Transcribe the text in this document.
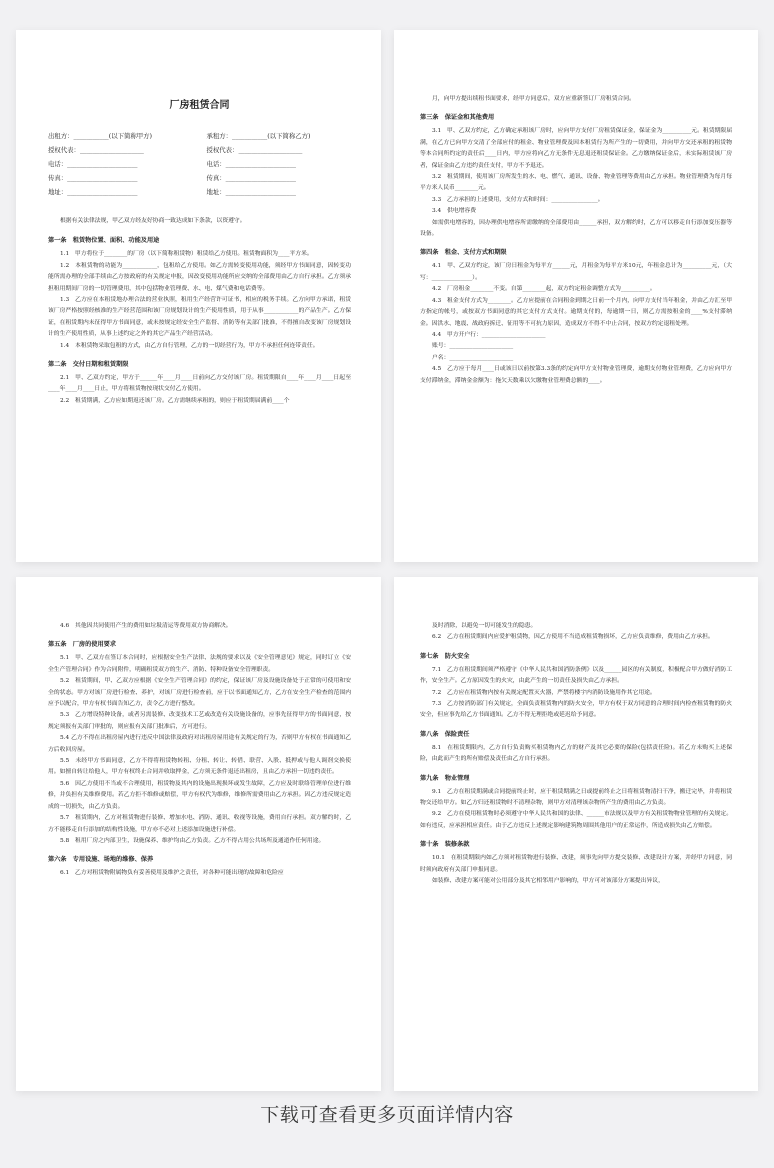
厂房租赁合同
出租方：___________(以下简称甲方)	承租方：___________(以下简称乙方)
授权代表：____________________	授权代表：____________________
电话：______________________	电话：______________________
传真：______________________	传真：______________________
地址：______________________	地址：______________________
根据有关法律法规，甲乙双方经友好协商一致达成如下条款，以资遵守。
第一条　租赁物位置、面积、功能及用途
1.1　甲方将位于________的厂房（以下简称租赁物）租赁给乙方使用。租赁物面积为____平方米。
1.2　本租赁物的功能为____________，包租给乙方使用。如乙方需转变使用功能，须经甲方书面同意，因转变功能所需办理的全部手续由乙方按政府的有关规定申报，因改变使用功能所应交纳的全部费用由乙方自行承担。乙方须承担租用期间厂房的一切管理费用，其中包括物业管理费、水、电、煤气费和电话费等。
1.3　乙方应在本租赁地办理合法的营业执照，租用生产经营许可证书，相应的税务手续。乙方向甲方承诺，租赁该厂房严格按照经核准的生产经营范围和该厂房规划设计的生产使用性质，用于从事____________的产品生产。乙方保证，在租赁期内未征得甲方书面同意，或未按规定经安全生产监督、消防等有关部门批准，不得擅自改变该厂房规划设计的生产使用性质，从事上述约定之外的其它产品生产经营活动。
1.4　本租赁物采取包租的方式，由乙方自行管理，乙方的一切经营行为，甲方不承担任何连带责任。
第二条　交付日期和租赁期限
2.1　甲、乙双方约定，甲方于______年____月____日前向乙方交付该厂房。租赁期限自____年____月____日起至____年____月____日止，甲方将租赁物按现状交付乙方使用。
2.2　租赁期满，乙方应如期返还该厂房。乙方需继续承租的，则应于租赁期届满前____个
月，向甲方提出续租书面要求，经甲方同意后，双方应重新签订厂房租赁合同。
第三条　保证金和其他费用
3.1　甲、乙双方约定，乙方确定承租该厂房时，应向甲方支付厂房租赁保证金，保证金为__________元。租赁期限届满，在乙方已向甲方交清了全部应付的租金、物业管理费及因本租赁行为所产生的一切费用，并向甲方交还承租的租赁物等本合同所约定的责任后____日内，甲方应将向乙方无条件无息退还租赁保证金。乙方缴纳保证金后，未实际租赁该厂房者，保证金由乙方违约责任支付，甲方不予退还。
3.2　租赁期间，使用该厂房所发生的水、电、燃气、通讯、设备、物业管理等费用由乙方承担。物业管理费为每月每平方米人民币________元。
3.3　乙方承担的上述费用，支付方式和时间：________________。
3.4　供电增容费
如需供电增容的，因办理供电增容所需缴纳的全部费用由______承担，双方解约时，乙方可以移走自行添加变压器等设备。
第四条　租金、支付方式和期限
4.1　甲、乙双方约定，该厂房日租金为每平方______元，月租金为每平方米10元，年租金总计为__________元，（大写：______________）。
4.2　厂房租金________不变。自第________起，双方约定租金调整方式为__________。
4.3　租金支付方式为________。乙方应提前在合同租金到期之日前一个月内，向甲方支付当年租金，并由乙方汇至甲方指定的帐号，或按双方书面同意的其它支付方式支付。逾期支付的，每逾期一日，则乙方需按租金的____%支付滞纳金。因洪水、地震、战政府拆迁、征用等不可抗力原因，造成双方不得不中止合同，按双方约定退租处理。
4.4　甲方开户行：______________________
账号：______________________
户名：______________________
4.5　乙方应于每月____日或该日以前按第3.3条的约定向甲方支付物业管理费，逾期支付物业管理费，乙方应向甲方支付滞纳金，滞纳金金额为：拖欠天数乘以欠缴物业管理费总额的____。
4.6　其他因共同使用产生的费用如垃圾清运等费用双方协商解决。
第五条　厂房的使用要求
5.1　甲、乙双方在签订本合同时，应根据安全生产法律、法规的要求以及《安全管理意见》规定，同时订立《安全生产管理合同》作为合同附件，明确租赁双方的生产、消防、特种设备安全管理职责。
5.2　租赁期间，甲、乙双方应根据《安全生产管理合同》的约定，保证该厂房及设施设备处于正常的可使用和安全的状态。甲方对该厂房进行检查、养护，对该厂房进行检查前，应于以书面通知乙方，乙方在安全生产检查的范围内应予以配合，甲方有权书面告知乙方，责令乙方进行整改。
5.3　乙方增设特种设备，或者另需装修、改变技术工艺或改造有关设施设备的，应事先征得甲方的书面同意，按规定须报有关部门审批的，则应报有关部门批准后，方可进行。
5.4 乙方不得在出租房屋内进行违反中国法律及政府对出租房屋用途有关规定的行为，否则甲方有权在书面通知乙方后收回房屋。
5.5　未经甲方书面同意，乙方不得将租赁物转租、分租、转让、转借、联营、入股、抵押或与他人调剂交换使用。如擅自转让给他人，甲方有权终止合同并收取押金，乙方须无条件退还出租房，且由乙方承担一切违约责任。
5.6　因乙方使用不当或不合理使用，租赁物及其内的设施出现损坏或发生故障，乙方应及时联络管理单位进行维修，并负担有关维修费用。若乙方拒不维修或赔偿，甲方有权代为维修，维修所需费用由乙方承担。因乙方违反规定造成的一切损失，由乙方负责。
5.7　租赁期内，乙方对租赁物进行装修、增加水电、消防、通讯、收视等设施，费用自行承担。双方解约时，乙方不能移走自行添加的结构性设施，甲方亦不必对上述添加设施进行补偿。
5.8　租用厂房之内部卫生，设施保养、维护均由乙方负责。乙方不得占用公共场所及通道作任何用途。
第六条　专用设施、场地的维修、保养
6.1　乙方对租赁物附属物负有妥善使用及维护之责任，对各种可能出现的故障和危险应
及时消除，以避免一切可能发生的隐患。
6.2　乙方在租赁期间内应爱护租赁物，因乙方使用不当造成租赁物损坏，乙方应负责维修，费用由乙方承担。
第七条　防火安全
7.1　乙方在租赁期间须严格遵守《中华人民共和国消防条例》以及______园区的有关制度，积极配合甲方做好消防工作，安全生产。乙方原因发生的火灾，由此产生的一切责任及损失由乙方承担。
7.2　乙方应在租赁物内按有关规定配置灭火器，严禁将楼宇内消防设施用作其它用途。
7.3　乙方按消防部门有关规定，全面负责租赁物内的防火安全，甲方有权于双方同意的合理时间内检查租赁物的防火安全，但应事先给乙方书面通知。乙方不得无理拒绝或延迟给予同意。
第八条　保险责任
8.1　在租赁期限内，乙方自行负责购买租赁物内乙方的财产及其它必要的保险(包括责任险)。若乙方未购买上述保险，由此而产生的所有赔偿及责任由乙方自行承担。
第九条　物业管理
9.1　乙方在租赁期满或合同提前终止时，应于租赁期满之日或提前终止之日将租赁物清扫干净，搬迁完毕，并将租赁物交还给甲方。如乙方归还租赁物时不清理杂物，则甲方对清理该杂物所产生的费用由乙方负责。
9.2　乙方在使用租赁物时必须遵守中华人民共和国的法律、______市法规以及甲方有关租赁物物业管理的有关规定。如有违反，应承担相应责任。由于乙方违反上述规定影响建筑物周围其他用户的正常运作，所造成损失由乙方赔偿。
第十条　装修条款
10.1　在租赁期限内如乙方须对租赁物进行装修、改建，须事先向甲方提交装修、改建设计方案，并经甲方同意，同时须向政府有关部门申报同意。
如装修、改建方案可能对公用部分及其它相邻用户影响的，甲方可对该部分方案提出异议，
下载可查看更多页面详情内容
